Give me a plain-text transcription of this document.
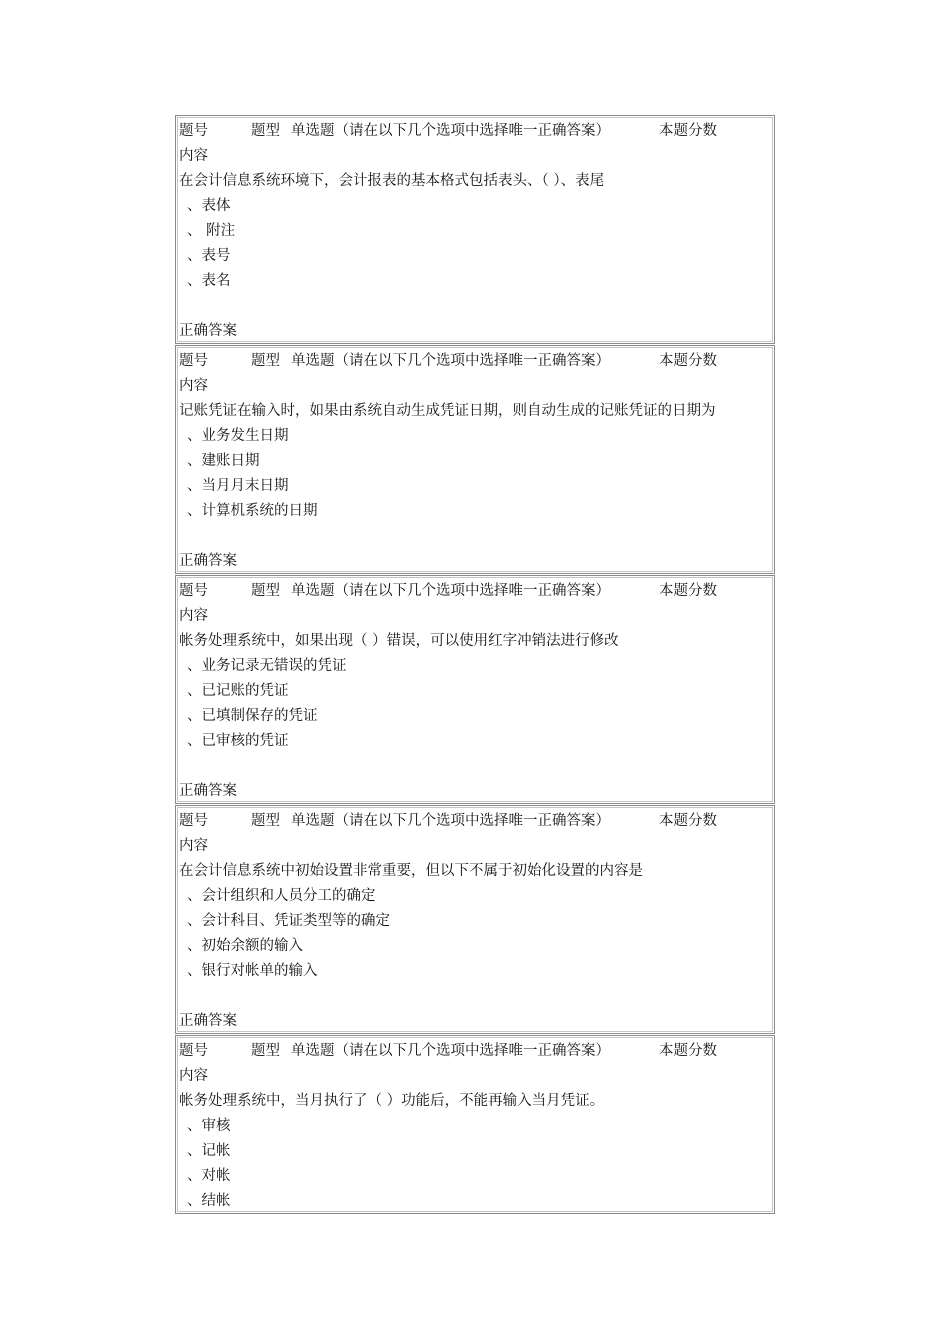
题号	题型 单选题（请在以下几个选项中选择唯一正确答案）	本题分数
内容
在会计信息系统环境下，会计报表的基本格式包括表头、（ ）、表尾
、表体
、 附注
、表号
、表名
正确答案
题号	题型 单选题（请在以下几个选项中选择唯一正确答案）	本题分数
内容
记账凭证在输入时，如果由系统自动生成凭证日期，则自动生成的记账凭证的日期为
、业务发生日期
、建账日期
、当月月末日期
、计算机系统的日期
正确答案
题号	题型 单选题（请在以下几个选项中选择唯一正确答案）	本题分数
内容
帐务处理系统中，如果出现（ ）错误，可以使用红字冲销法进行修改
、业务记录无错误的凭证
、已记账的凭证
、已填制保存的凭证
、已审核的凭证
正确答案
题号	题型 单选题（请在以下几个选项中选择唯一正确答案）	本题分数
内容
在会计信息系统中初始设置非常重要，但以下不属于初始化设置的内容是
、会计组织和人员分工的确定
、会计科目、凭证类型等的确定
、初始余额的输入
、银行对帐单的输入
正确答案
题号	题型 单选题（请在以下几个选项中选择唯一正确答案）	本题分数
内容
帐务处理系统中，当月执行了（ ）功能后，不能再输入当月凭证。
、审核
、记帐
、对帐
、结帐
